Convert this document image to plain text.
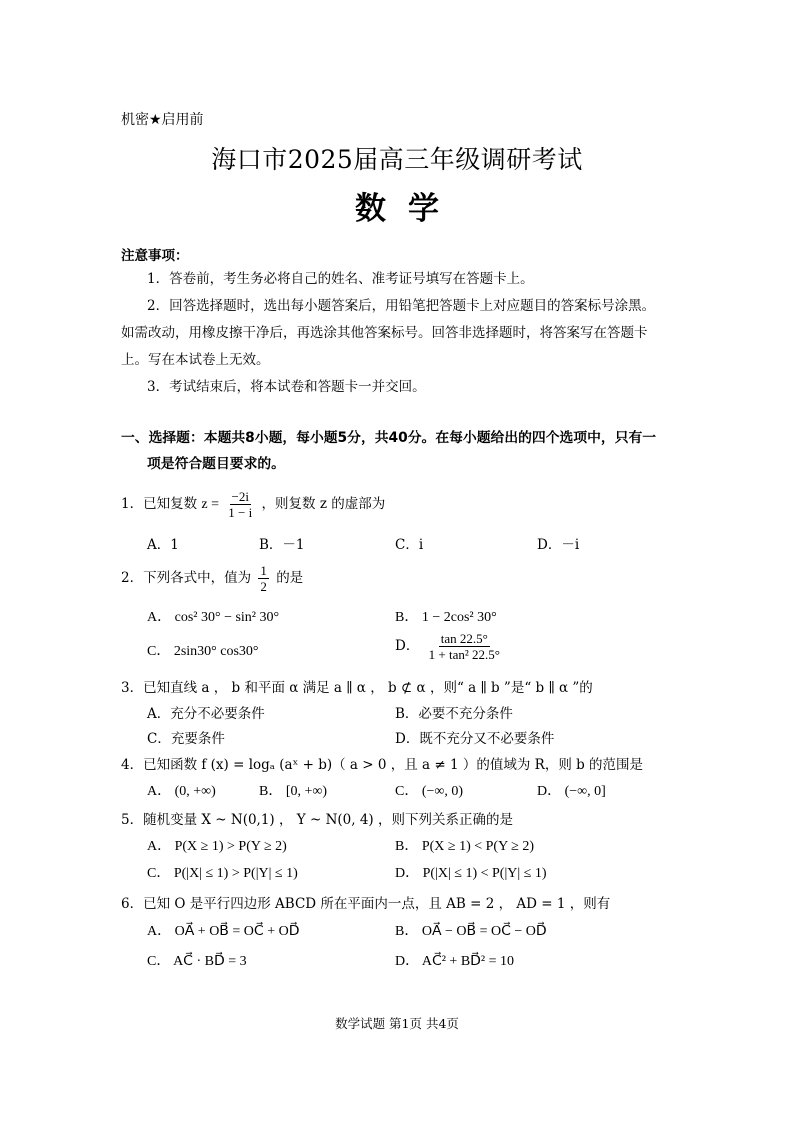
机密★启用前
海口市2025届高三年级调研考试
数学
注意事项：
1．答卷前，考生务必将自己的姓名、准考证号填写在答题卡上。
2．回答选择题时，选出每小题答案后，用铅笔把答题卡上对应题目的答案标号涂黑。
如需改动，用橡皮擦干净后，再选涂其他答案标号。回答非选择题时，将答案写在答题卡
上。写在本试卷上无效。
3．考试结束后，将本试卷和答题卡一并交回。
一、选择题：本题共8小题，每小题5分，共40分。在每小题给出的四个选项中，只有一
项是符合题目要求的。
1．已知复数 $z = \frac{-2i}{1 - i}$ ，则复数 z 的虚部为
A．1	B．－1	C．i	D．－i
2．下列各式中，值为 $\frac{1}{2}$ 的是
A． cos² 30° − sin² 30°	B． 1 − 2cos² 30°
C． 2sin30° cos30°	D． $\frac{\tan 22.5^\circ}{\text{1 + tan² 22.5°}}$
3．已知直线 a ， b 和平面 α 满足 a ∥ α ， b ⊄ α ，则“ a ∥ b ”是“ b ∥ α ”的
A．充分不必要条件	B．必要不充分条件
C．充要条件	D．既不充分又不必要条件
4．已知函数 f (x) = logₐ (aˣ + b)（ a > 0 ，且 a ≠ 1 ）的值域为 R，则 b 的范围是
A． (0, +∞)	B． [0, +∞)	C． (−∞, 0)	D． (−∞, 0]
5．随机变量 X ~ N(0,1) ， Y ~ N(0, 4) ，则下列关系正确的是
A． P(X ≥ 1) > P(Y ≥ 2)	B． P(X ≥ 1) < P(Y ≥ 2)
C． P(|X| ≤ 1) > P(|Y| ≤ 1)	D． P(|X| ≤ 1) < P(|Y| ≤ 1)
6．已知 O 是平行四边形 ABCD 所在平面内一点，且 AB = 2 ， AD = 1 ，则有
A． OA⃗ + OB⃗ = OC⃗ + OD⃗	B． OA⃗ − OB⃗ = OC⃗ − OD⃗
C． AC⃗ · BD⃗ = 3	D． AC⃗² + BD⃗² = 10
数学试题 第1页 共4页
